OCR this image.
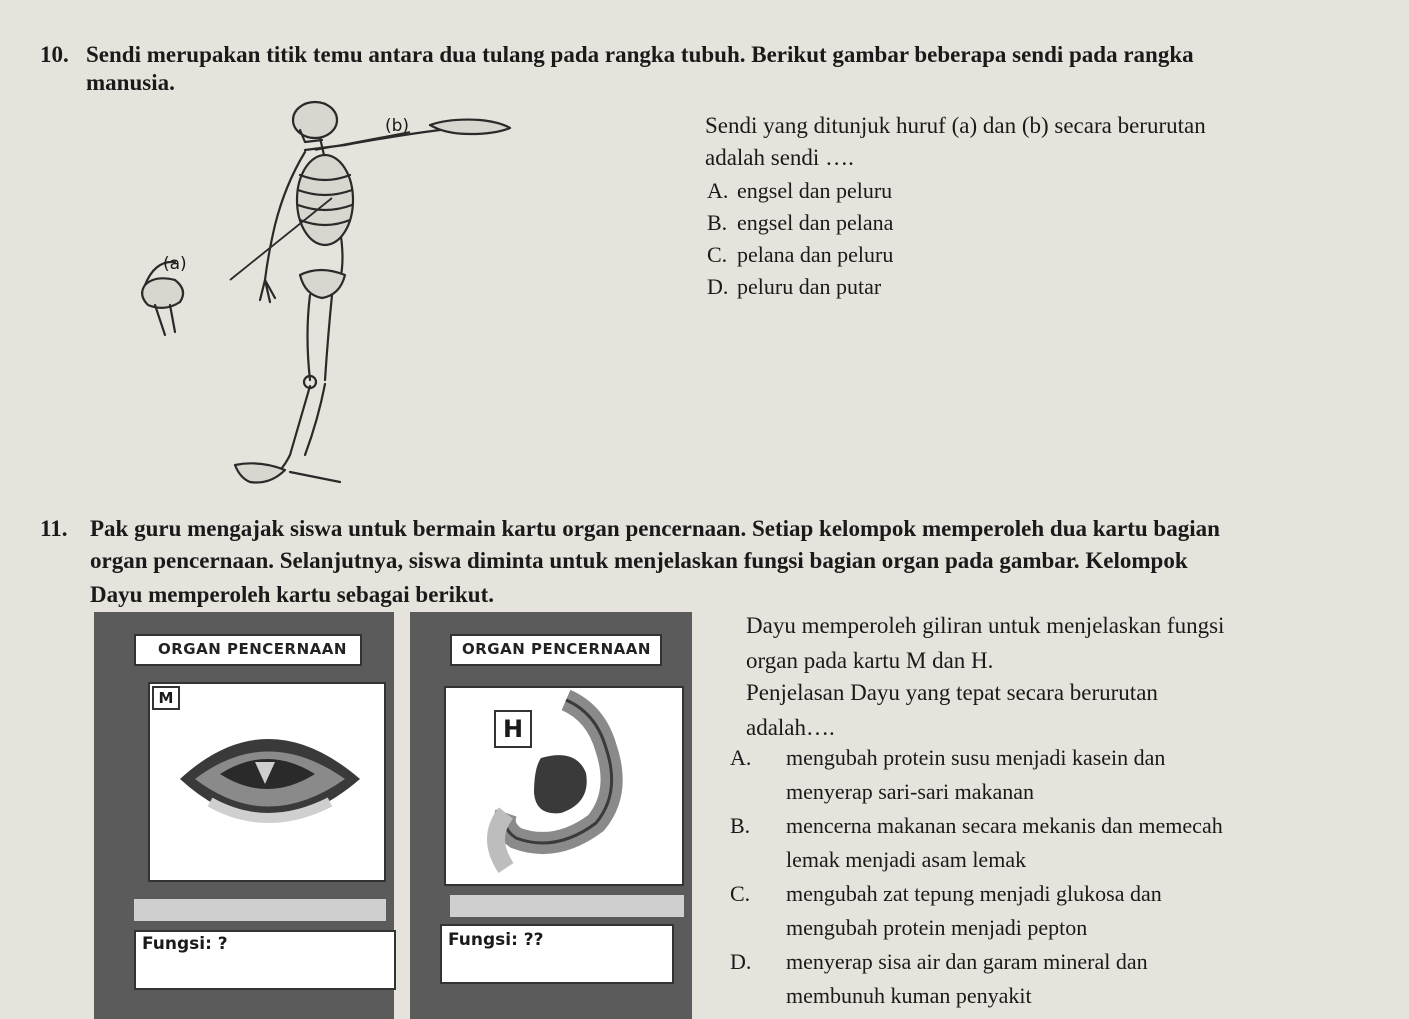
10. Sendi merupakan titik temu antara dua tulang pada rangka tubuh. Berikut gambar beberapa sendi pada rangka
manusia.
(b)
(a)
Sendi yang ditunjuk huruf (a) dan (b) secara berurutan
adalah sendi ….
A. engsel dan peluru
B. engsel dan pelana
C. pelana dan peluru
D. peluru dan putar
11. Pak guru mengajak siswa untuk bermain kartu organ pencernaan. Setiap kelompok memperoleh dua kartu bagian
organ pencernaan. Selanjutnya, siswa diminta untuk menjelaskan fungsi bagian organ pada gambar. Kelompok
Dayu memperoleh kartu sebagai berikut.
ORGAN PENCERNAAN
M
Fungsi: ?
ORGAN PENCERNAAN
H
Fungsi: ??
Dayu memperoleh giliran untuk menjelaskan fungsi
organ pada kartu M dan H.
Penjelasan Dayu yang tepat secara berurutan
adalah….
A. mengubah protein susu menjadi kasein dan
menyerap sari-sari makanan
B. mencerna makanan secara mekanis dan memecah
lemak menjadi asam lemak
C. mengubah zat tepung menjadi glukosa dan
mengubah protein menjadi pepton
D. menyerap sisa air dan garam mineral dan
membunuh kuman penyakit
